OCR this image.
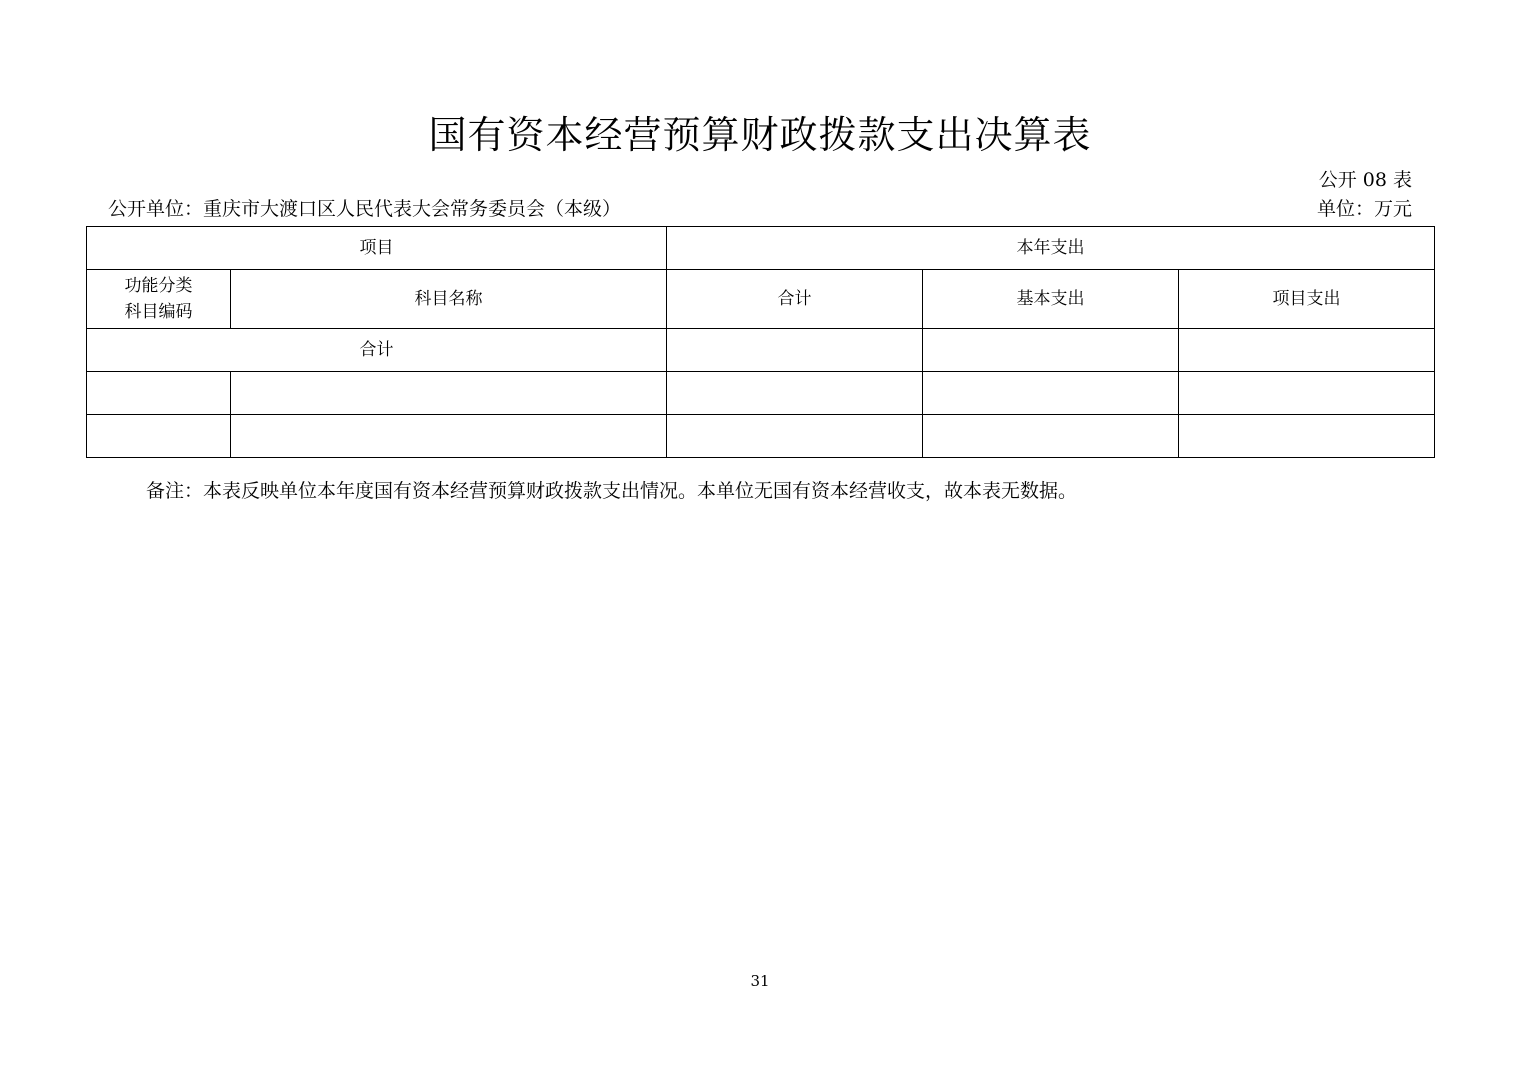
国有资本经营预算财政拨款支出决算表
公开 08 表
公开单位：重庆市大渡口区人民代表大会常务委员会（本级）	单位：万元
项目		本年支出		

功能分类
科目编码	科目名称	合计	基本支出	项目支出
合计				

备注：本表反映单位本年度国有资本经营预算财政拨款支出情况。本单位无国有资本经营收支，故本表无数据。
31
